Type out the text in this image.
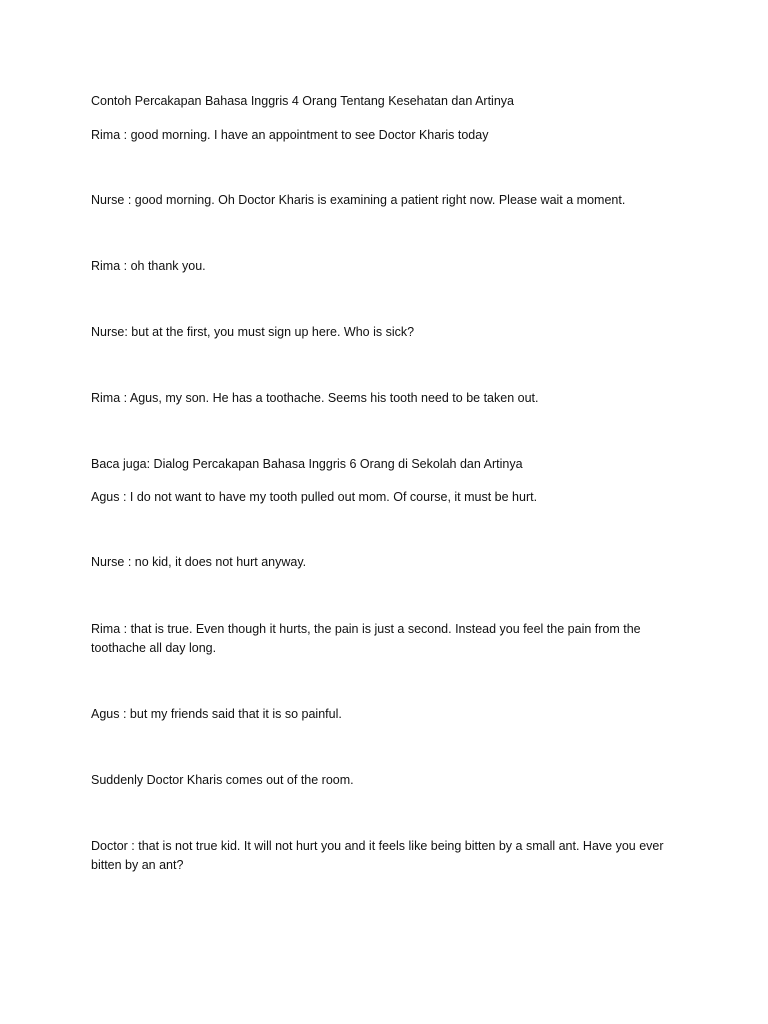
Contoh Percakapan Bahasa Inggris 4 Orang Tentang Kesehatan dan Artinya
Rima : good morning. I have an appointment to see Doctor Kharis today
Nurse : good morning. Oh Doctor Kharis is examining a patient right now. Please wait a moment.
Rima : oh thank you.
Nurse: but at the first, you must sign up here. Who is sick?
Rima : Agus, my son. He has a toothache. Seems his tooth need to be taken out.
Baca juga: Dialog Percakapan Bahasa Inggris 6 Orang di Sekolah dan Artinya
Agus : I do not want to have my tooth pulled out mom. Of course, it must be hurt.
Nurse : no kid, it does not hurt anyway.
Rima : that is true. Even though it hurts, the pain is just a second. Instead you feel the pain from the toothache all day long.
Agus : but my friends said that it is so painful.
Suddenly Doctor Kharis comes out of the room.
Doctor : that is not true kid. It will not hurt you and it feels like being bitten by a small ant. Have you ever bitten by an ant?
